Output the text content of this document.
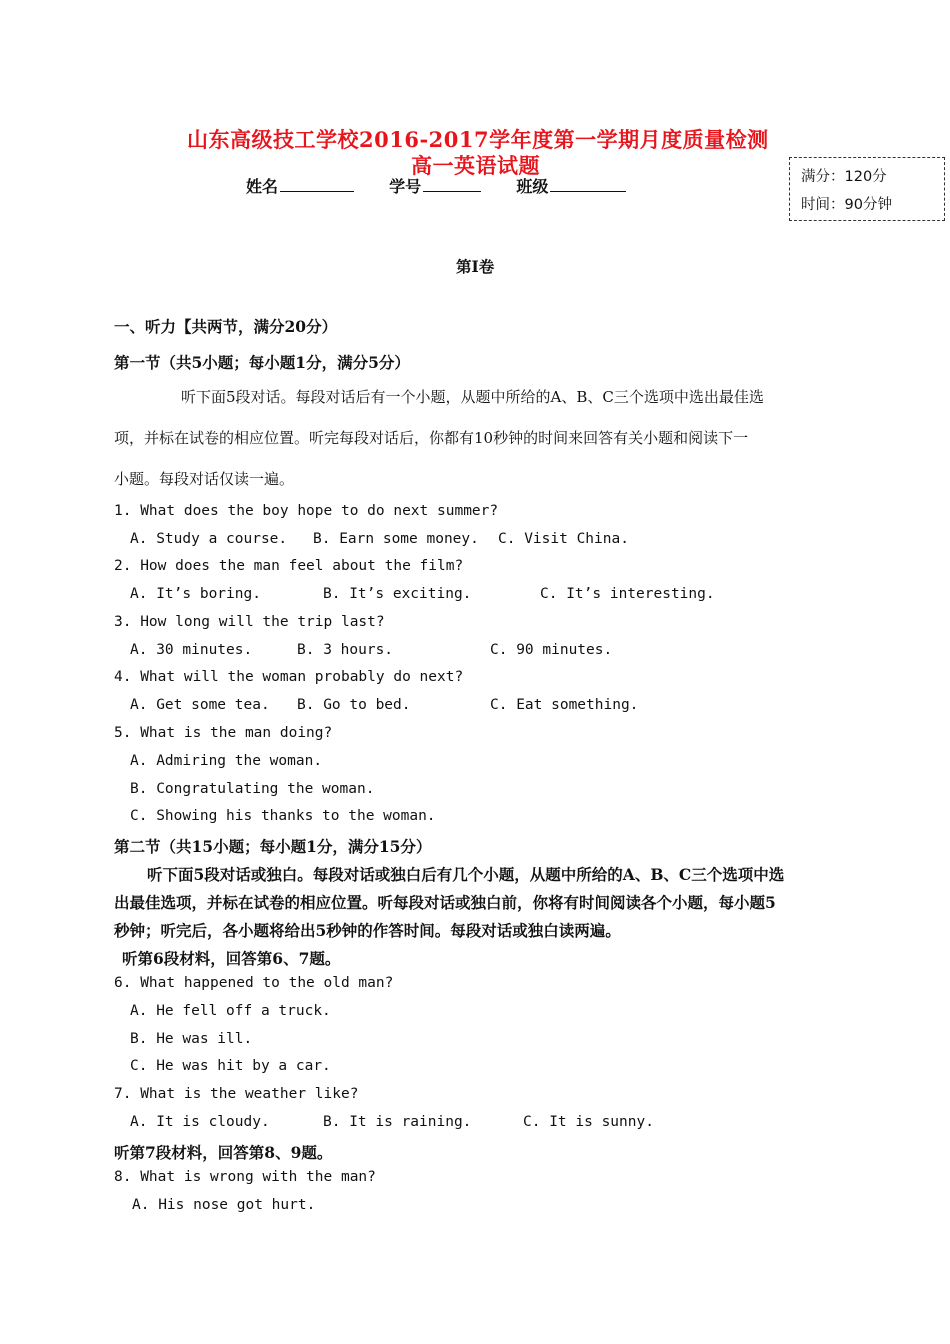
山东高级技工学校2016-2017学年度第一学期月度质量检测
高一英语试题
姓名	学号	班级	满分：120分
时间：90分钟
第I卷
一、听力【共两节，满分20分）
第一节（共5小题；每小题1分，满分5分）
听下面5段对话。每段对话后有一个小题，从题中所给的A、B、C三个选项中选出最佳选
项，并标在试卷的相应位置。听完每段对话后，你都有10秒钟的时间来回答有关小题和阅读下一
小题。每段对话仅读一遍。
1. What does the boy hope to do next summer?
A. Study a course. B. Earn some money. C. Visit China.
2. How does the man feel about the film?
A. It’s boring.	B. It’s exciting.	C. It’s interesting.
3. How long will the trip last?
A. 30 minutes.	B. 3 hours.	C. 90 minutes.
4. What will the woman probably do next?
A. Get some tea. B. Go to bed.	C. Eat something.
5. What is the man doing?
A. Admiring the woman.
B. Congratulating the woman.
C. Showing his thanks to the woman.
第二节（共15小题；每小题1分，满分15分）
听下面5段对话或独白。每段对话或独白后有几个小题，从题中所给的A、B、C三个选项中选
出最佳选项，并标在试卷的相应位置。听每段对话或独白前，你将有时间阅读各个小题，每小题5
秒钟；听完后，各小题将给出5秒钟的作答时间。每段对话或独白读两遍。
听第6段材料，回答第6、7题。
6. What happened to the old man?
A. He fell off a truck.
B. He was ill.
C. He was hit by a car.
7. What is the weather like?
A. It is cloudy.	B. It is raining.	C. It is sunny.
听第7段材料，回答第8、9题。
8. What is wrong with the man?
A. His nose got hurt.
